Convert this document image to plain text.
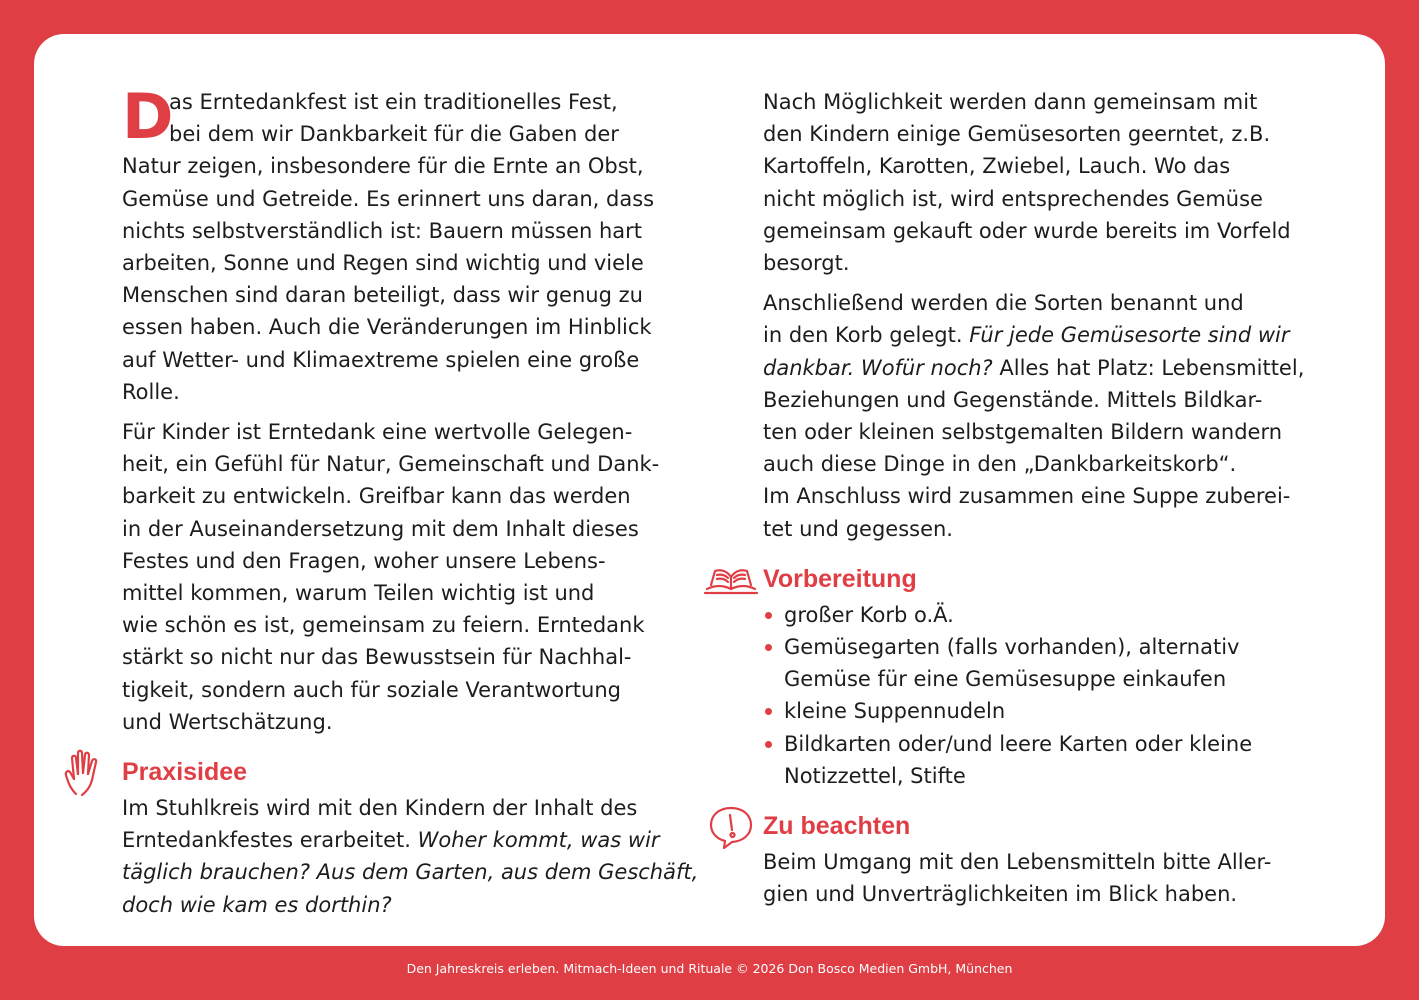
D

as Erntedankfest ist ein traditionelles Fest,
bei dem wir Dankbarkeit für die Gaben der
Natur zeigen, insbesondere für die Ernte an Obst,
Gemüse und Getreide. Es erinnert uns daran, dass
nichts selbstverständlich ist: Bauern müssen hart
arbeiten, Sonne und Regen sind wichtig und viele
Menschen sind daran beteiligt, dass wir genug zu
essen haben. Auch die Veränderungen im Hinblick
auf Wetter- und Klimaextreme spielen eine große
Rolle.

Für Kinder ist Erntedank eine wertvolle Gelegen-
heit, ein Gefühl für Natur, Gemeinschaft und Dank-
barkeit zu entwickeln. Greifbar kann das werden
in der Auseinandersetzung mit dem Inhalt dieses
Festes und den Fragen, woher unsere Lebens-
mittel kommen, warum Teilen wichtig ist und
wie schön es ist, gemeinsam zu feiern. Erntedank
stärkt so nicht nur das Bewusstsein für Nachhal-
tigkeit, sondern auch für soziale Verantwortung
und Wertschätzung.

Praxisidee

Im Stuhlkreis wird mit den Kindern der Inhalt des
Erntedankfestes erarbeitet. Woher kommt, was wir
täglich brauchen? Aus dem Garten, aus dem Geschäft,
doch wie kam es dorthin?

Nach Möglichkeit werden dann gemeinsam mit
den Kindern einige Gemüsesorten geerntet, z.B.
Kartoffeln, Karotten, Zwiebel, Lauch. Wo das
nicht möglich ist, wird entsprechendes Gemüse
gemeinsam gekauft oder wurde bereits im Vorfeld
besorgt.

Anschließend werden die Sorten benannt und
in den Korb gelegt. Für jede Gemüsesorte sind wir
dankbar. Wofür noch? Alles hat Platz: Lebensmittel,
Beziehungen und Gegenstände. Mittels Bildkar-
ten oder kleinen selbstgemalten Bildern wandern
auch diese Dinge in den „Dankbarkeitskorb“.
Im Anschluss wird zusammen eine Suppe zuberei-
tet und gegessen.

Vorbereitung
großer Korb o.Ä.
Gemüsegarten (falls vorhanden), alternativ
Gemüse für eine Gemüsesuppe einkaufen
kleine Suppennudeln
Bildkarten oder/und leere Karten oder kleine
Notizzettel, Stifte
Zu beachten

Beim Umgang mit den Lebensmitteln bitte Aller-
gien und Unverträglichkeiten im Blick haben.

Den Jahreskreis erleben. Mitmach-Ideen und Rituale © 2026 Don Bosco Medien GmbH, München
